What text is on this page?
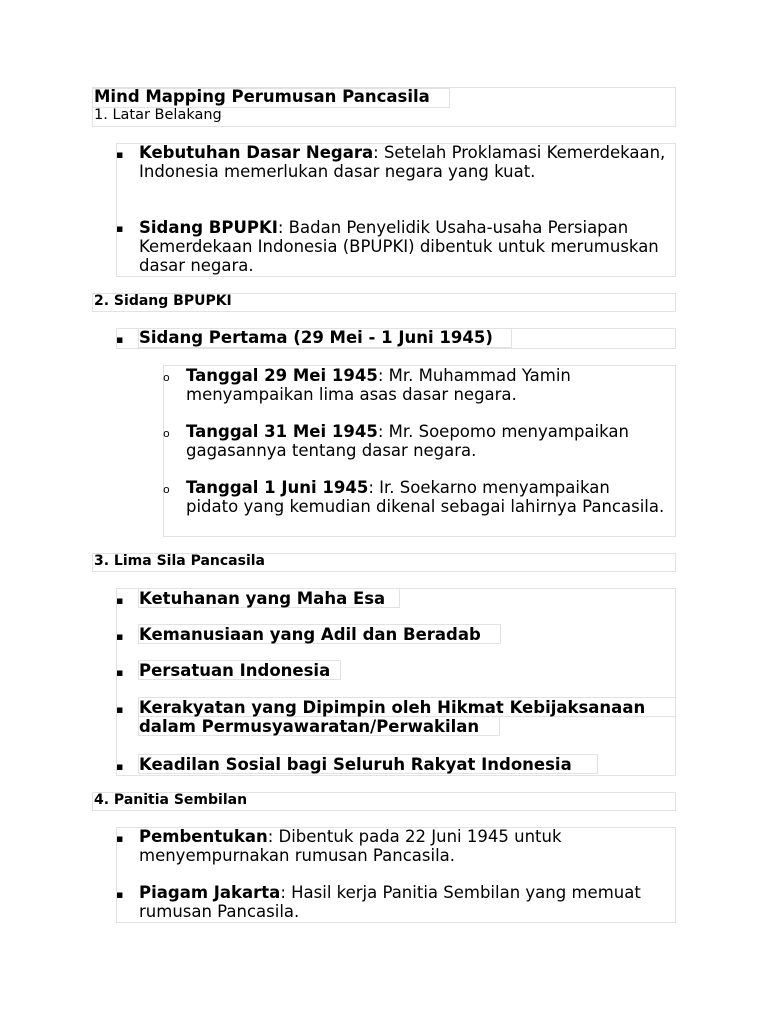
Mind Mapping Perumusan Pancasila
1. Latar Belakang
▪ Kebutuhan Dasar Negara: Setelah Proklamasi Kemerdekaan, Indonesia memerlukan dasar negara yang kuat.
▪ Sidang BPUPKI: Badan Penyelidik Usaha-usaha Persiapan Kemerdekaan Indonesia (BPUPKI) dibentuk untuk merumuskan dasar negara.
2. Sidang BPUPKI
▪ Sidang Pertama (29 Mei - 1 Juni 1945)
o Tanggal 29 Mei 1945: Mr. Muhammad Yamin menyampaikan lima asas dasar negara.
o Tanggal 31 Mei 1945: Mr. Soepomo menyampaikan gagasannya tentang dasar negara.
o Tanggal 1 Juni 1945: Ir. Soekarno menyampaikan pidato yang kemudian dikenal sebagai lahirnya Pancasila.
3. Lima Sila Pancasila
▪ Ketuhanan yang Maha Esa
▪ Kemanusiaan yang Adil dan Beradab
▪ Persatuan Indonesia
▪ Kerakyatan yang Dipimpin oleh Hikmat Kebijaksanaan dalam Permusyawaratan/Perwakilan
▪ Keadilan Sosial bagi Seluruh Rakyat Indonesia
4. Panitia Sembilan
▪ Pembentukan: Dibentuk pada 22 Juni 1945 untuk menyempurnakan rumusan Pancasila.
▪ Piagam Jakarta: Hasil kerja Panitia Sembilan yang memuat rumusan Pancasila.
